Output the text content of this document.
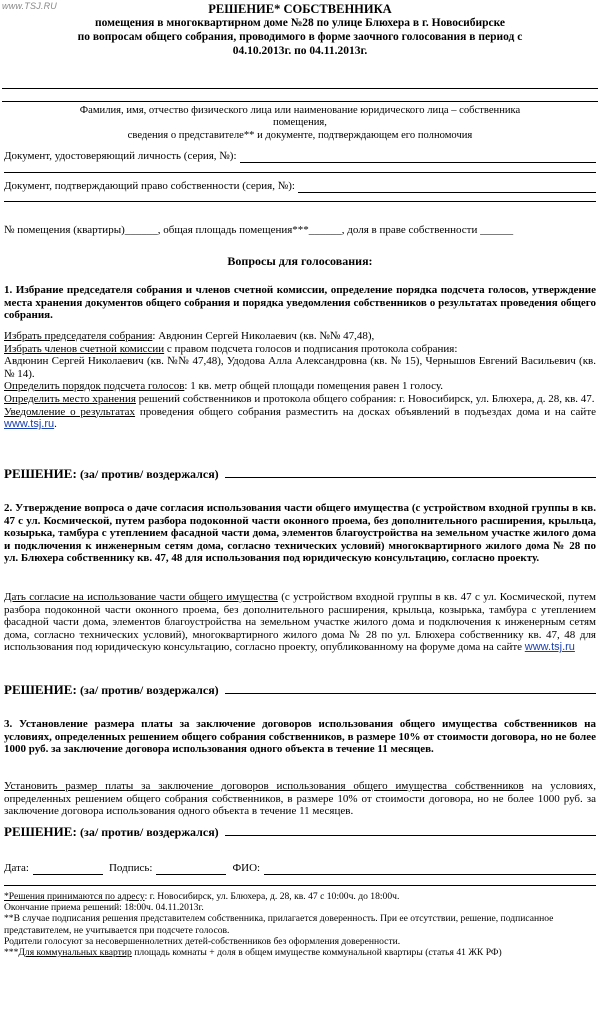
www.TSJ.RU	РЕШЕНИЕ* СОБСТВЕННИКА
помещения в многоквартирном доме №28 по улице Блюхера в г. Новосибирске
по вопросам общего собрания, проводимого в форме заочного голосования в период с
04.10.2013г. по 04.11.2013г.
Фамилия, имя, отчество физического лица или наименование юридического лица – собственника
помещения,
сведения о представителе** и документе, подтверждающем его полномочия
Документ, удостоверяющий личность (серия, №):
Документ, подтверждающий право собственности (серия, №):
№ помещения (квартиры)______, общая площадь помещения***______, доля в праве собственности ______
Вопросы для голосования:
1. Избрание председателя собрания и членов счетной комиссии, определение порядка подсчета голосов, утверждение места хранения документов общего собрания и порядка уведомления собственников о результатах проведения общего собрания.
Избрать председателя собрания: Авдюнин Сергей Николаевич (кв. №№ 47,48),
Избрать членов счетной комиссии с правом подсчета голосов и подписания протокола собрания:
Авдюнин Сергей Николаевич (кв. №№ 47,48), Удодова Алла Александровна (кв. № 15), Чернышов Евгений Васильевич (кв. № 14).
Определить порядок подсчета голосов: 1 кв. метр общей площади помещения равен 1 голосу.
Определить место хранения решений собственников и протокола общего собрания: г. Новосибирск, ул. Блюхера, д. 28, кв. 47.
Уведомление о результатах проведения общего собрания разместить на досках объявлений в подъездах дома и на сайте www.tsj.ru.
РЕШЕНИЕ: (за/ против/ воздержался)
2. Утверждение вопроса о даче согласия использования части общего имущества (с устройством входной группы в кв. 47 с ул. Космической, путем разбора подоконной части оконного проема, без дополнительного расширения, крыльца, козырька, тамбура с утеплением фасадной части дома, элементов благоустройства на земельном участке жилого дома и подключения к инженерным сетям дома, согласно технических условий) многоквартирного жилого дома № 28 по ул. Блюхера собственнику кв. 47, 48 для использования под юридическую консультацию, согласно проекту.
Дать согласие на использование части общего имущества (с устройством входной группы в кв. 47 с ул. Космической, путем разбора подоконной части оконного проема, без дополнительного расширения, крыльца, козырька, тамбура с утеплением фасадной части дома, элементов благоустройства на земельном участке жилого дома и подключения к инженерным сетям дома, согласно технических условий), многоквартирного жилого дома № 28 по ул. Блюхера собственнику кв. 47, 48 для использования под юридическую консультацию, согласно проекту, опубликованному на форуме дома на сайте www.tsj.ru
РЕШЕНИЕ: (за/ против/ воздержался)
3. Установление размера платы за заключение договоров использования общего имущества собственников на условиях, определенных решением общего собрания собственников, в размере 10% от стоимости договора, но не более 1000 руб. за заключение договора использования одного объекта в течение 11 месяцев.
Установить размер платы за заключение договоров использования общего имущества собственников на условиях, определенных решением общего собрания собственников, в размере 10% от стоимости договора, но не более 1000 руб. за заключение договора использования одного объекта в течение 11 месяцев.
РЕШЕНИЕ: (за/ против/ воздержался)
Дата:	Подпись:	ФИО:
*Решения принимаются по адресу: г. Новосибирск, ул. Блюхера, д. 28, кв. 47 с 10:00ч. до 18:00ч.
Окончание приема решений: 18:00ч. 04.11.2013г.
**В случае подписания решения представителем собственника, прилагается доверенность. При ее отсутствии, решение, подписанное представителем, не учитывается при подсчете голосов.
Родители голосуют за несовершеннолетних детей-собственников без оформления доверенности.
***Для коммунальных квартир площадь комнаты + доля в общем имуществе коммунальной квартиры (статья 41 ЖК РФ)
